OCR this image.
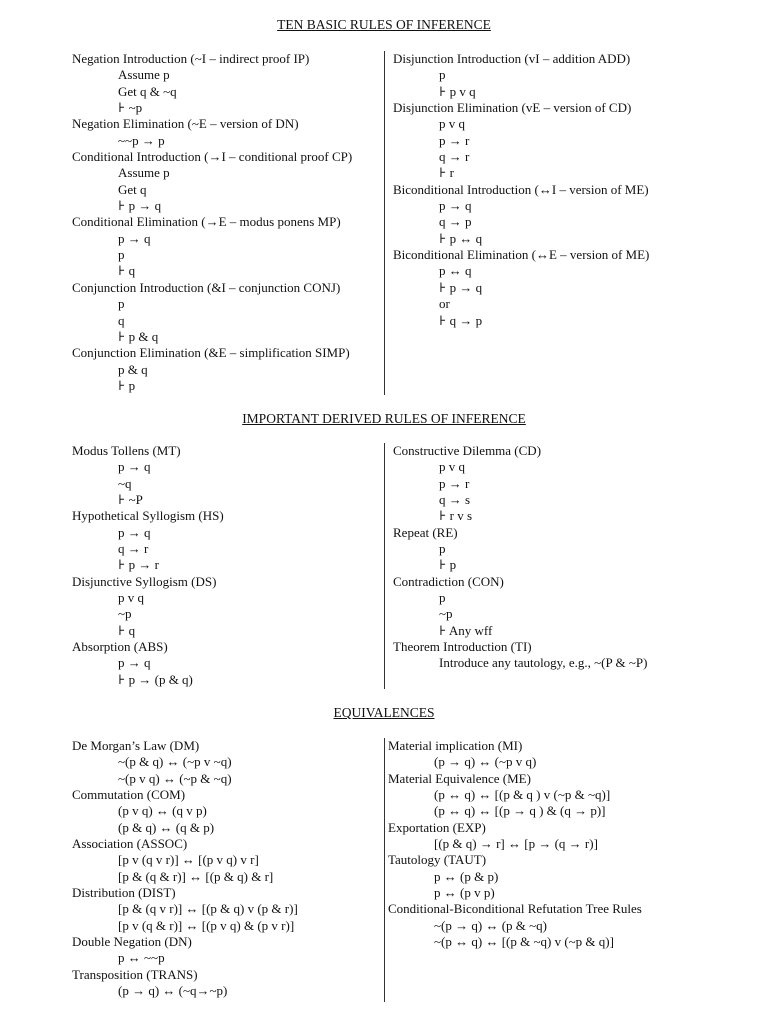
TEN BASIC RULES OF INFERENCE
Negation Introduction (~I – indirect proof IP)
Assume p
Get q & ~q
⊦ ~p
Negation Elimination (~E – version of DN)
~~p → p
Conditional Introduction (→I – conditional proof CP)
Assume p
Get q
⊦ p → q
Conditional Elimination (→E – modus ponens MP)
p → q
p
⊦ q
Conjunction Introduction (&I – conjunction CONJ)
p
q
⊦ p & q
Conjunction Elimination (&E – simplification SIMP)
p & q
⊦ p
Disjunction Introduction (vI – addition ADD)
p
⊦ p v q
Disjunction Elimination (vE – version of CD)
p v q
p → r
q → r
⊦ r
Biconditional Introduction (↔I – version of ME)
p → q
q → p
⊦ p ↔ q
Biconditional Elimination (↔E – version of ME)
p ↔ q
⊦ p → q
or
⊦ q → p
IMPORTANT DERIVED RULES OF INFERENCE
Modus Tollens (MT)
p → q
~q
⊦ ~P
Hypothetical Syllogism (HS)
p → q
q → r
⊦ p → r
Disjunctive Syllogism (DS)
p v q
~p
⊦ q
Absorption (ABS)
p → q
⊦ p → (p & q)
Constructive Dilemma (CD)
p v q
p → r
q → s
⊦ r v s
Repeat (RE)
p
⊦ p
Contradiction (CON)
p
~p
⊦ Any wff
Theorem Introduction (TI)
Introduce any tautology, e.g., ~(P & ~P)
EQUIVALENCES
De Morgan’s Law (DM)
~(p & q) ↔ (~p v ~q)
~(p v q) ↔ (~p & ~q)
Commutation (COM)
(p v q) ↔ (q v p)
(p & q) ↔ (q & p)
Association (ASSOC)
[p v (q v r)] ↔ [(p v q) v r]
[p & (q & r)] ↔ [(p & q) & r]
Distribution (DIST)
[p & (q v r)] ↔ [(p & q) v (p & r)]
[p v (q & r)] ↔ [(p v q) & (p v r)]
Double Negation (DN)
p ↔ ~~p
Transposition (TRANS)
(p → q) ↔ (~q→~p)
Material implication (MI)
(p → q) ↔ (~p v q)
Material Equivalence (ME)
(p ↔ q) ↔ [(p & q ) v (~p & ~q)]
(p ↔ q) ↔ [(p → q ) & (q → p)]
Exportation (EXP)
[(p & q) → r] ↔ [p → (q → r)]
Tautology (TAUT)
p ↔ (p & p)
p ↔ (p v p)
Conditional-Biconditional Refutation Tree Rules
~(p → q) ↔ (p & ~q)
~(p ↔ q) ↔ [(p & ~q) v (~p & q)]
